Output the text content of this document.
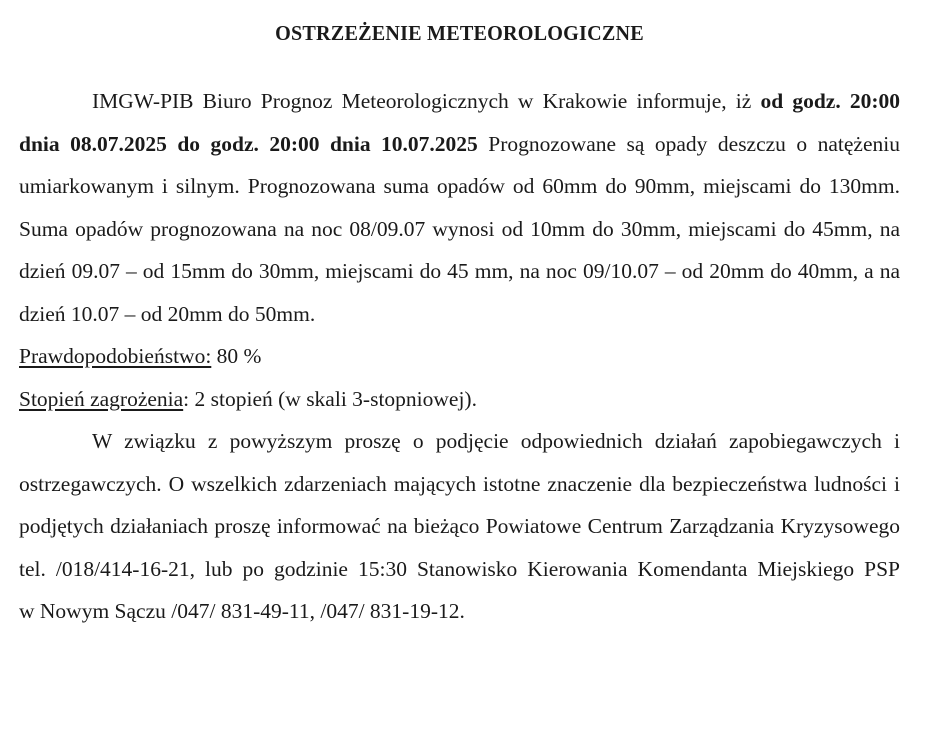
OSTRZEŻENIE METEOROLOGICZNE

IMGW-PIB Biuro Prognoz Meteorologicznych w Krakowie informuje, iż od godz. 20:00 dnia 08.07.2025 do godz. 20:00 dnia 10.07.2025 Prognozowane są opady deszczu o natężeniu umiarkowanym i silnym. Prognozowana suma opadów od 60mm do 90mm, miejscami do 130mm. Suma opadów prognozowana na noc 08/09.07 wynosi od 10mm do 30mm, miejscami do 45mm, na dzień 09.07 – od 15mm do 30mm, miejscami do 45 mm, na noc 09/10.07 – od 20mm do 40mm, a na dzień 10.07 – od 20mm do 50mm.

Prawdopodobieństwo: 80 %

Stopień zagrożenia: 2 stopień (w skali 3-stopniowej).

W związku z powyższym proszę o podjęcie odpowiednich działań zapobiegawczych i ostrzegawczych. O wszelkich zdarzeniach mających istotne znaczenie dla bezpieczeństwa ludności i podjętych działaniach proszę informować na bieżąco Powiatowe Centrum Zarządzania Kryzysowego tel. /018/414-16-21, lub po godzinie 15:30 Stanowisko Kierowania Komendanta Miejskiego PSP

w Nowym Sączu /047/ 831-49-11, /047/ 831-19-12.
